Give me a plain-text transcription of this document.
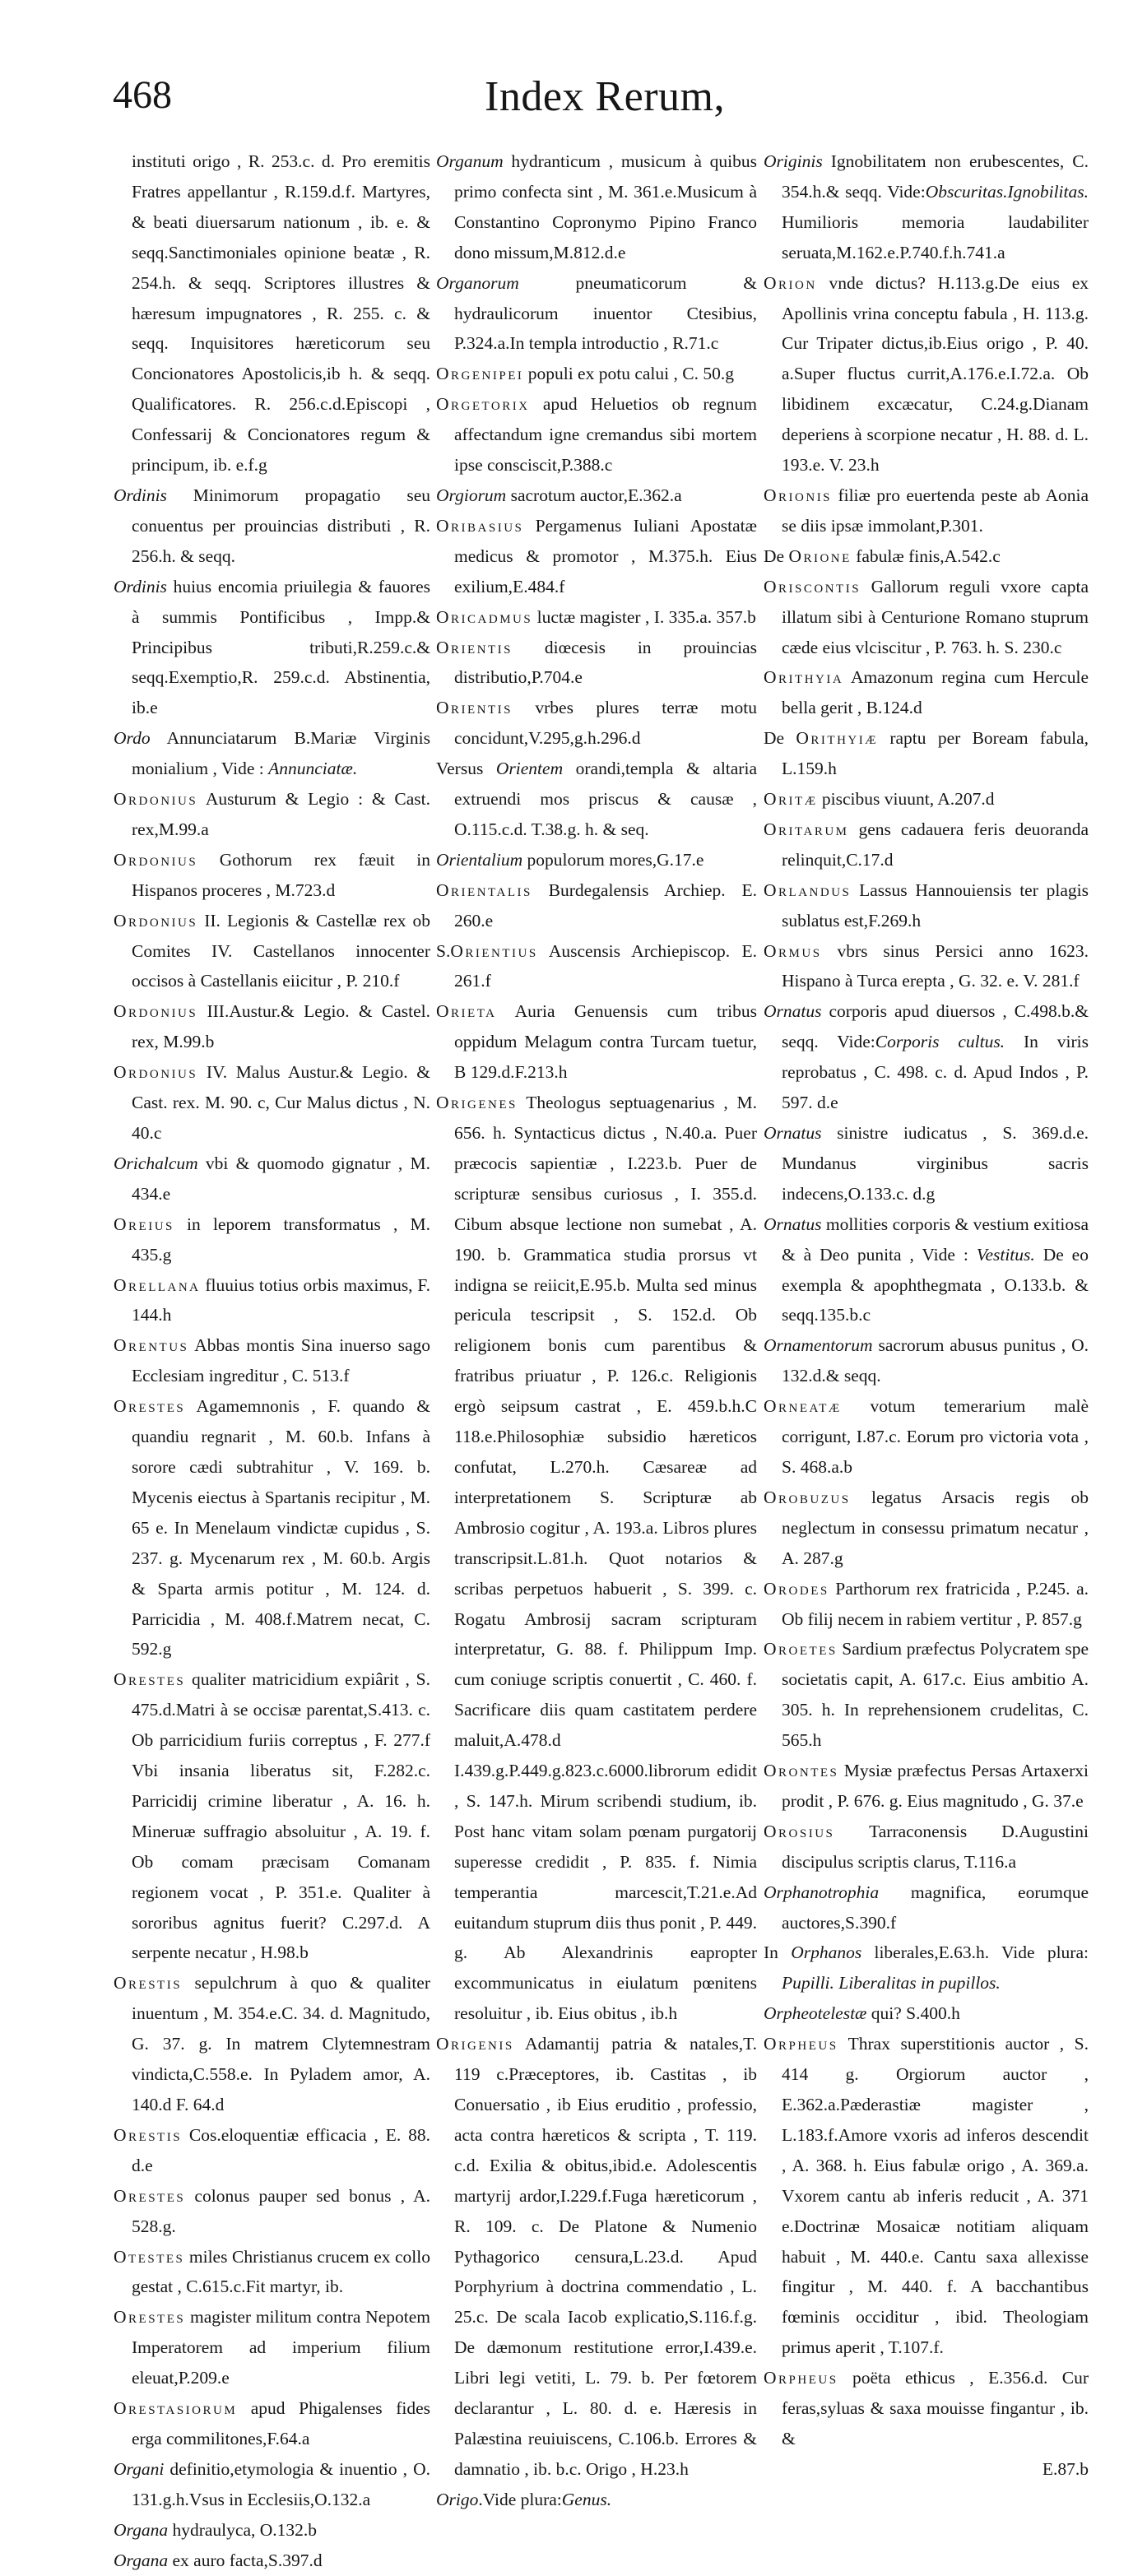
468	Index Rerum,

instituti origo , R. 253.c. d. Pro eremitis Fratres appellantur , R.159.d.f. Martyres, & beati diuersarum nationum , ib. e. & seqq.Sanctimoniales opinione beatæ , R. 254.h. & seqq. Scriptores illustres & hæresum impugnatores , R. 255. c. & seqq. Inquisitores hæreticorum seu Concionatores Apostolicis,ib h. & seqq. Qualificatores. R. 256.c.d.Episcopi , Confessarij & Concionatores regum & principum, ib. e.f.g

Ordinis Minimorum propagatio seu conuentus per prouincias distributi , R. 256.h. & seqq.

Ordinis huius encomia priuilegia & fauores à summis Pontificibus , Impp.& Principibus tributi,R.259.c.& seqq.Exemptio,R. 259.c.d. Abstinentia, ib.e

Ordo Annunciatarum B.Mariæ Virginis monialium , Vide : Annunciatæ.

Ordonius Austurum & Legio : & Cast. rex,M.99.a

Ordonius Gothorum rex fæuit in Hispanos proceres , M.723.d

Ordonius II. Legionis & Castellæ rex ob Comites IV. Castellanos innocenter occisos à Castellanis eiicitur , P. 210.f

Ordonius III.Austur.& Legio. & Castel. rex, M.99.b

Ordonius IV. Malus Austur.& Legio. & Cast. rex. M. 90. c, Cur Malus dictus , N. 40.c

Orichalcum vbi & quomodo gignatur , M. 434.e

Oreius in leporem transformatus , M. 435.g

Orellana fluuius totius orbis maximus, F. 144.h

Orentus Abbas montis Sina inuerso sago Ecclesiam ingreditur , C. 513.f

Orestes Agamemnonis , F. quando & quandiu regnarit , M. 60.b. Infans à sorore cædi subtrahitur , V. 169. b. Mycenis eiectus à Spartanis recipitur , M. 65 e. In Menelaum vindictæ cupidus , S. 237. g. Mycenarum rex , M. 60.b. Argis & Sparta armis potitur , M. 124. d. Parricidia , M. 408.f.Matrem necat, C. 592.g

Orestes qualiter matricidium expiârit , S. 475.d.Matri à se occisæ parentat,S.413. c. Ob parricidium furiis correptus , F. 277.f Vbi insania liberatus sit, F.282.c. Parricidij crimine liberatur , A. 16. h. Mineruæ suffragio absoluitur , A. 19. f. Ob comam præcisam Comanam regionem vocat , P. 351.e. Qualiter à sororibus agnitus fuerit? C.297.d. A serpente necatur , H.98.b

Orestis sepulchrum à quo & qualiter inuentum , M. 354.e.C. 34. d. Magnitudo, G. 37. g. In matrem Clytemnestram vindicta,C.558.e. In Pyladem amor, A. 140.d F. 64.d

Orestis Cos.eloquentiæ efficacia , E. 88. d.e

Orestes colonus pauper sed bonus , A. 528.g.

Otestes miles Christianus crucem ex collo gestat , C.615.c.Fit martyr, ib.

Orestes magister militum contra Nepotem Imperatorem ad imperium filium eleuat,P.209.e

Orestasiorum apud Phigalenses fides erga commilitones,F.64.a

Organi definitio,etymologia & inuentio , O. 131.g.h.Vsus in Ecclesiis,O.132.a

Organa hydraulyca, O.132.b

Organa ex auro facta,S.397.d

Organum hydranticum , musicum à quibus primo confecta sint , M. 361.e.Musicum à Constantino Copronymo Pipino Franco dono missum,M.812.d.e

Organorum pneumaticorum & hydraulicorum inuentor Ctesibius, P.324.a.In templa introductio , R.71.c

Orgenipei populi ex potu calui , C. 50.g

Orgetorix apud Heluetios ob regnum affectandum igne cremandus sibi mortem ipse consciscit,P.388.c

Orgiorum sacrotum auctor,E.362.a

Oribasius Pergamenus Iuliani Apostatæ medicus & promotor , M.375.h. Eius exilium,E.484.f

Oricadmus luctæ magister , I. 335.a. 357.b

Orientis diœcesis in prouincias distributio,P.704.e

Orientis vrbes plures terræ motu concidunt,V.295,g.h.296.d

Versus Orientem orandi,templa & altaria extruendi mos priscus & causæ , O.115.c.d. T.38.g. h. & seq.

Orientalium populorum mores,G.17.e

Orientalis Burdegalensis Archiep. E. 260.e

S.Orientius Auscensis Archiepiscop. E. 261.f

Orieta Auria Genuensis cum tribus oppidum Melagum contra Turcam tuetur, B 129.d.F.213.h

Origenes Theologus septuagenarius , M. 656. h. Syntacticus dictus , N.40.a. Puer præcocis sapientiæ , I.223.b. Puer de scripturæ sensibus curiosus , I. 355.d. Cibum absque lectione non sumebat , A. 190. b. Grammatica studia prorsus vt indigna se reiicit,E.95.b. Multa sed minus pericula tescripsit , S. 152.d. Ob religionem bonis cum parentibus & fratribus priuatur , P. 126.c. Religionis ergò seipsum castrat , E. 459.b.h.C 118.e.Philosophiæ subsidio hæreticos confutat, L.270.h. Cæsareæ ad interpretationem S. Scripturæ ab Ambrosio cogitur , A. 193.a. Libros plures transcripsit.L.81.h. Quot notarios & scribas perpetuos habuerit , S. 399. c. Rogatu Ambrosij sacram scripturam interpretatur, G. 88. f. Philippum Imp. cum coniuge scriptis conuertit , C. 460. f. Sacrificare diis quam castitatem perdere maluit,A.478.d I.439.g.P.449.g.823.c.6000.librorum edidit , S. 147.h. Mirum scribendi studium, ib. Post hanc vitam solam pœnam purgatorij superesse credidit , P. 835. f. Nimia temperantia marcescit,T.21.e.Ad euitandum stuprum diis thus ponit , P. 449. g. Ab Alexandrinis eapropter excommunicatus in eiulatum pœnitens resoluitur , ib. Eius obitus , ib.h

Origenis Adamantij patria & natales,T. 119 c.Præceptores, ib. Castitas , ib Conuersatio , ib Eius eruditio , professio, acta contra hæreticos & scripta , T. 119. c.d. Exilia & obitus,ibid.e. Adolescentis martyrij ardor,I.229.f.Fuga hæreticorum , R. 109. c. De Platone & Numenio Pythagorico censura,L.23.d. Apud Porphyrium à doctrina commendatio , L. 25.c. De scala Iacob explicatio,S.116.f.g. De dæmonum restitutione error,I.439.e. Libri legi vetiti, L. 79. b. Per fœtorem declarantur , L. 80. d. e. Hæresis in Palæstina reuiuiscens, C.106.b. Errores & damnatio , ib. b.c. Origo , H.23.h

Origo.Vide plura:Genus.

Originis Ignobilitatem non erubescentes, C. 354.h.& seqq. Vide:Obscuritas.Ignobilitas. Humilioris memoria laudabiliter seruata,M.162.e.P.740.f.h.741.a

Orion vnde dictus? H.113.g.De eius ex Apollinis vrina conceptu fabula , H. 113.g. Cur Tripater dictus,ib.Eius origo , P. 40. a.Super fluctus currit,A.176.e.I.72.a. Ob libidinem excæcatur, C.24.g.Dianam deperiens à scorpione necatur , H. 88. d. L. 193.e. V. 23.h

Orionis filiæ pro euertenda peste ab Aonia se diis ipsæ immolant,P.301.

De Orione fabulæ finis,A.542.c

Oriscontis Gallorum reguli vxore capta illatum sibi à Centurione Romano stuprum cæde eius vlciscitur , P. 763. h. S. 230.c

Orithyia Amazonum regina cum Hercule bella gerit , B.124.d

De Orithyiæ raptu per Boream fabula, L.159.h

Oritæ piscibus viuunt, A.207.d

Oritarum gens cadauera feris deuoranda relinquit,C.17.d

Orlandus Lassus Hannouiensis ter plagis sublatus est,F.269.h

Ormus vbrs sinus Persici anno 1623. Hispano à Turca erepta , G. 32. e. V. 281.f

Ornatus corporis apud diuersos , C.498.b.& seqq. Vide:Corporis cultus. In viris reprobatus , C. 498. c. d. Apud Indos , P. 597. d.e

Ornatus sinistre iudicatus , S. 369.d.e. Mundanus virginibus sacris indecens,O.133.c. d.g

Ornatus mollities corporis & vestium exitiosa & à Deo punita , Vide : Vestitus. De eo exempla & apophthegmata , O.133.b. & seqq.135.b.c

Ornamentorum sacrorum abusus punitus , O. 132.d.& seqq.

Orneatæ votum temerarium malè corrigunt, I.87.c. Eorum pro victoria vota , S. 468.a.b

Orobuzus legatus Arsacis regis ob neglectum in consessu primatum necatur , A. 287.g

Orodes Parthorum rex fratricida , P.245. a. Ob filij necem in rabiem vertitur , P. 857.g

Oroetes Sardium præfectus Polycratem spe societatis capit, A. 617.c. Eius ambitio A. 305. h. In reprehensionem crudelitas, C. 565.h

Orontes Mysiæ præfectus Persas Artaxerxi prodit , P. 676. g. Eius magnitudo , G. 37.e

Orosius Tarraconensis D.Augustini discipulus scriptis clarus, T.116.a

Orphanotrophia magnifica, eorumque auctores,S.390.f

In Orphanos liberales,E.63.h. Vide plura: Pupilli. Liberalitas in pupillos.

Orpheotelestæ qui? S.400.h

Orpheus Thrax superstitionis auctor , S. 414 g. Orgiorum auctor , E.362.a.Pæderastiæ magister , L.183.f.Amore vxoris ad inferos descendit , A. 368. h. Eius fabulæ origo , A. 369.a. Vxorem cantu ab inferis reducit , A. 371 e.Doctrinæ Mosaicæ notitiam aliquam habuit , M. 440.e. Cantu saxa allexisse fingitur , M. 440. f. A bacchantibus fœminis occiditur , ibid. Theologiam primus aperit , T.107.f.

Orpheus poëta ethicus , E.356.d. Cur feras,syluas & saxa mouisse fingantur , ib. &

E.87.b
